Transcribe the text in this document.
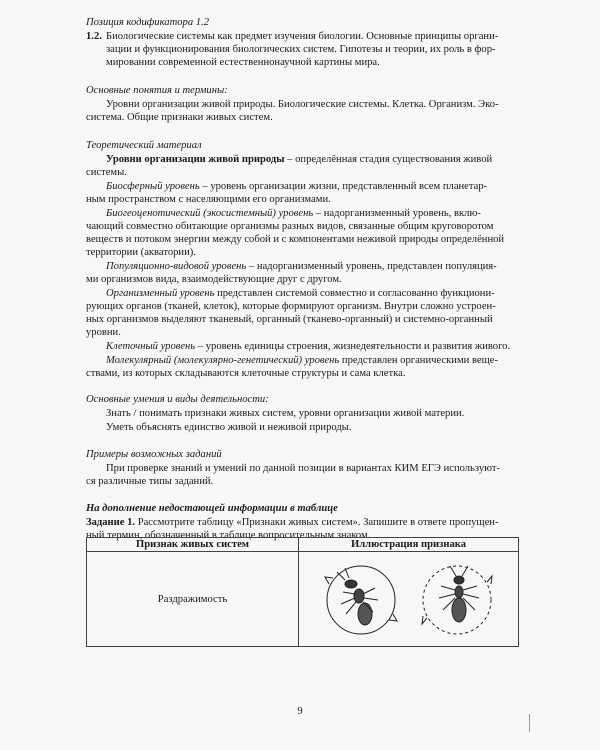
Позиция кодификатора 1.2
1.2. Биологические системы как предмет изучения биологии. Основные принципы органи-
зации и функционирования биологических систем. Гипотезы и теории, их роль в фор-
мировании современной естественнонаучной картины мира.
Основные понятия и термины:
Уровни организации живой природы. Биологические системы. Клетка. Организм. Эко-
система. Общие признаки живых систем.
Теоретический материал
Уровни организации живой природы – определённая стадия существования живой
системы.
Биосферный уровень – уровень организации жизни, представленный всем планетар-
ным пространством с населяющими его организмами.
Биогеоценотический (экосистемный) уровень – надорганизменный уровень, вклю-
чающий совместно обитающие организмы разных видов, связанные общим круговоротом
веществ и потоком энергии между собой и с компонентами неживой природы определённой
территории (акватории).
Популяционно-видовой уровень – надорганизменный уровень, представлен популяция-
ми организмов вида, взаимодействующие друг с другом.
Организменный уровень представлен системой совместно и согласованно функциони-
рующих органов (тканей, клеток), которые формируют организм. Внутри сложно устроен-
ных организмов выделяют тканевый, органный (тканево-органный) и системно-органный
уровни.
Клеточный уровень – уровень единицы строения, жизнедеятельности и развития живого.
Молекулярный (молекулярно-генетический) уровень представлен органическими веще-
ствами, из которых складываются клеточные структуры и сама клетка.
Основные умения и виды деятельности:
Знать / понимать признаки живых систем, уровни организации живой материи.
Уметь объяснять единство живой и неживой природы.
Примеры возможных заданий
При проверке знаний и умений по данной позиции в вариантах КИМ ЕГЭ используют-
ся различные типы заданий.
На дополнение недостающей информации в таблице
Задание 1. Рассмотрите таблицу «Признаки живых систем». Запишите в ответе пропущен-
ный термин, обозначенный в таблице вопросительным знаком.
Признак живых систем	Иллюстрация признака
Раздражимость	
9
